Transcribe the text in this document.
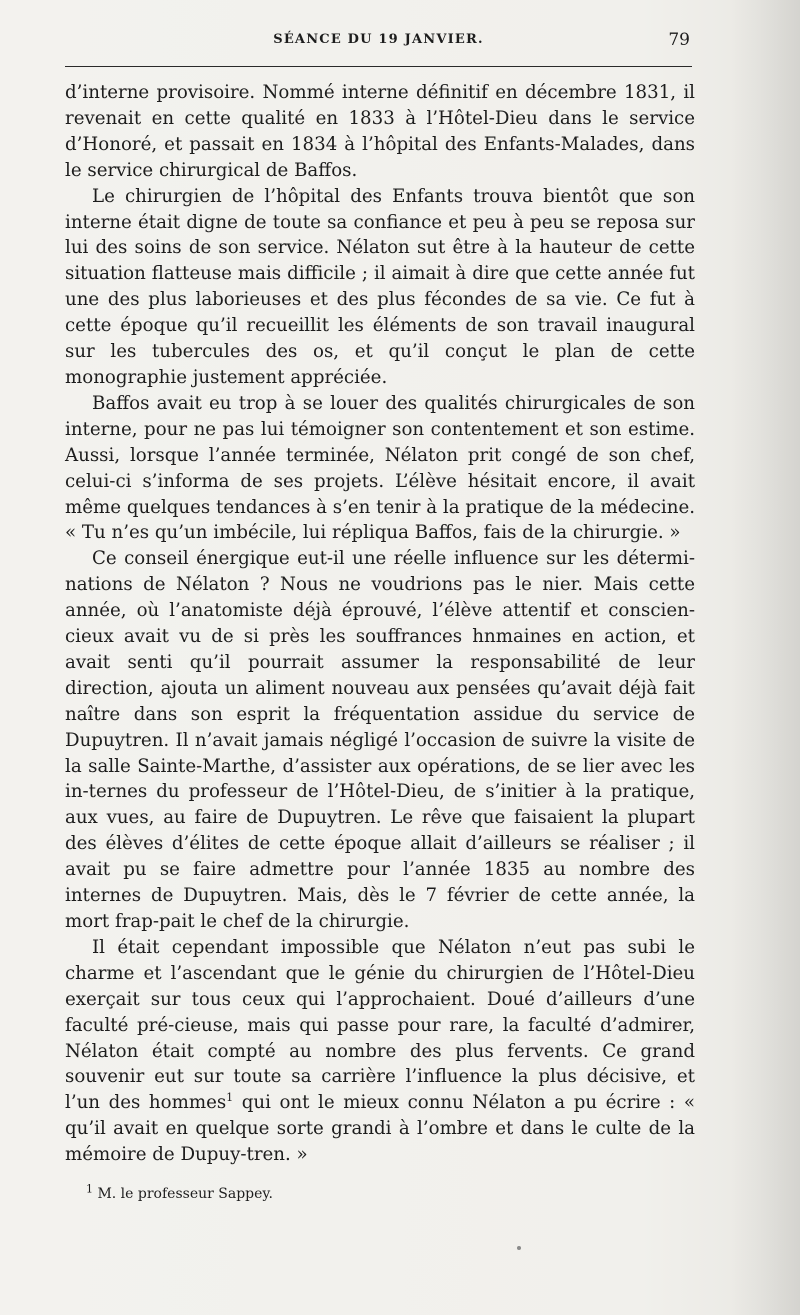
SÉANCE DU 19 JANVIER.	79

d’interne provisoire. Nommé interne définitif en décembre 1831, il revenait en cette qualité en 1833 à l’Hôtel-Dieu dans le service d’Honoré, et passait en 1834 à l’hôpital des Enfants-Malades, dans le service chirurgical de Baffos.

Le chirurgien de l’hôpital des Enfants trouva bientôt que son interne était digne de toute sa confiance et peu à peu se reposa sur lui des soins de son service. Nélaton sut être à la hauteur de cette situation flatteuse mais difficile ; il aimait à dire que cette année fut une des plus laborieuses et des plus fécondes de sa vie. Ce fut à cette époque qu’il recueillit les éléments de son travail inaugural sur les tubercules des os, et qu’il conçut le plan de cette monographie justement appréciée.

Baffos avait eu trop à se louer des qualités chirurgicales de son interne, pour ne pas lui témoigner son contentement et son estime. Aussi, lorsque l’année terminée, Nélaton prit congé de son chef, celui-ci s’informa de ses projets. L’élève hésitait encore, il avait même quelques tendances à s’en tenir à la pratique de la médecine. « Tu n’es qu’un imbécile, lui répliqua Baffos, fais de la chirurgie. »

Ce conseil énergique eut-il une réelle influence sur les détermi-nations de Nélaton ? Nous ne voudrions pas le nier. Mais cette année, où l’anatomiste déjà éprouvé, l’élève attentif et conscien-cieux avait vu de si près les souffrances hnmaines en action, et avait senti qu’il pourrait assumer la responsabilité de leur direction, ajouta un aliment nouveau aux pensées qu’avait déjà fait naître dans son esprit la fréquentation assidue du service de Dupuytren. Il n’avait jamais négligé l’occasion de suivre la visite de la salle Sainte-Marthe, d’assister aux opérations, de se lier avec les in-ternes du professeur de l’Hôtel-Dieu, de s’initier à la pratique, aux vues, au faire de Dupuytren. Le rêve que faisaient la plupart des élèves d’élites de cette époque allait d’ailleurs se réaliser ; il avait pu se faire admettre pour l’année 1835 au nombre des internes de Dupuytren. Mais, dès le 7 février de cette année, la mort frap-pait le chef de la chirurgie.

Il était cependant impossible que Nélaton n’eut pas subi le charme et l’ascendant que le génie du chirurgien de l’Hôtel-Dieu exerçait sur tous ceux qui l’approchaient. Doué d’ailleurs d’une faculté pré-cieuse, mais qui passe pour rare, la faculté d’admirer, Nélaton était compté au nombre des plus fervents. Ce grand souvenir eut sur toute sa carrière l’influence la plus décisive, et l’un des hommes$^1$ qui ont le mieux connu Nélaton a pu écrire : « qu’il avait en quelque sorte grandi à l’ombre et dans le culte de la mémoire de Dupuy-tren. »

$^1$ M. le professeur Sappey.
